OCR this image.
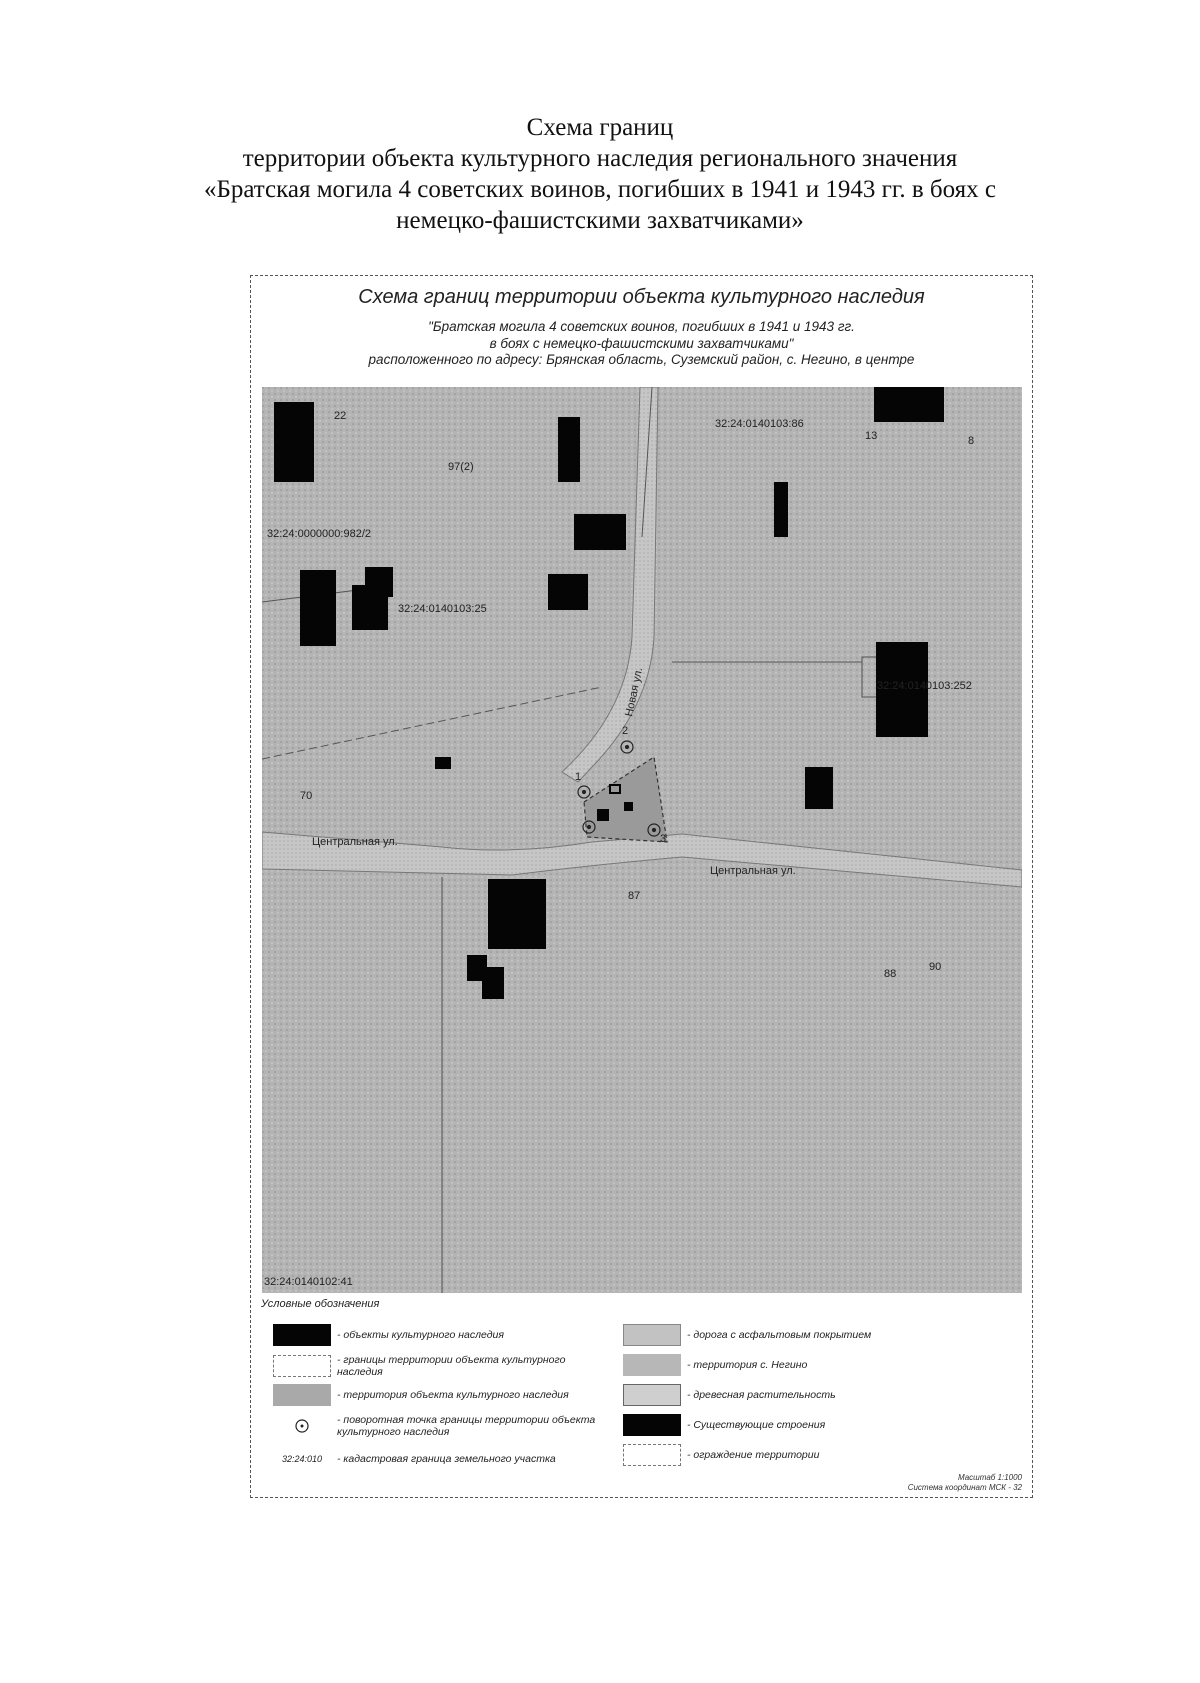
Схема границ
территории объекта культурного наследия регионального значения
«Братская могила 4 советских воинов, погибших в 1941 и 1943 гг. в боях с
немецко-фашистскими захватчиками»
Схема границ территории объекта культурного наследия
"Братская могила 4 советских воинов, погибших в 1941 и 1943 гг.
в боях с немецко-фашистскими захватчиками"
расположенного по адресу: Брянская область, Суземский район, с. Негино, в центре
22
32:24:0140103:86
13	8
97(2)
32:24:0000000:982/2
32:24:0140103:25
Новая ул.	32:24:0140103:252
1
2
3
70
Центральная ул.
Центральная ул.
87
88
90
32:24:0140102:41
Условные обозначения
- объекты культурного наследия
- границы территории объекта культурного наследия
- территория объекта культурного наследия
- поворотная точка границы территории объекта культурного наследия
32:24:010 - кадастровая граница земельного участка
- дорога с асфальтовым покрытием
- территория с. Негино
- древесная растительность
- Существующие строения
- ограждение территории
Масштаб 1:1000
Система координат МСК - 32
